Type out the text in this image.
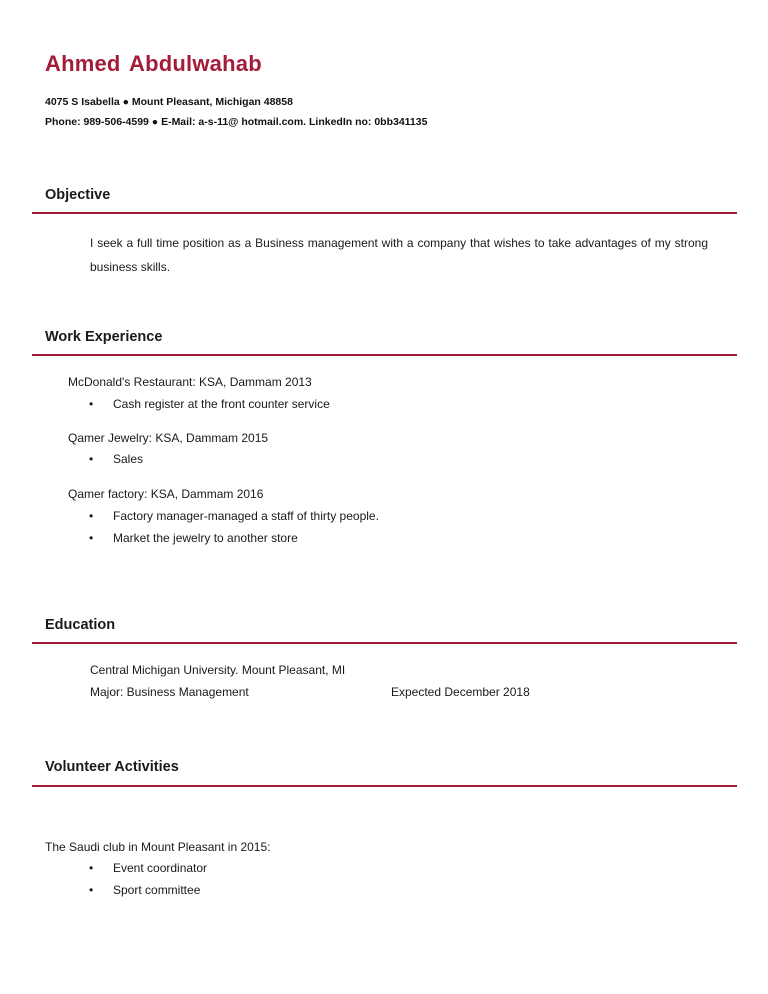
Ahmed Abdulwahab
4075 S Isabella ● Mount Pleasant, Michigan 48858
Phone: 989-506-4599 ● E-Mail: a-s-11@ hotmail.com. LinkedIn no: 0bb341135
Objective
I seek a full time position as a Business management with a company that wishes to take advantages of my strong business skills.
Work Experience
McDonald's Restaurant: KSA, Dammam 2013
• Cash register at the front counter service
Qamer Jewelry: KSA, Dammam 2015
• Sales
Qamer factory: KSA, Dammam 2016
• Factory manager-managed a staff of thirty people.
• Market the jewelry to another store
Education
Central Michigan University. Mount Pleasant, MI
Major: Business Management	Expected December 2018
Volunteer Activities
The Saudi club in Mount Pleasant in 2015:
• Event coordinator
• Sport committee
